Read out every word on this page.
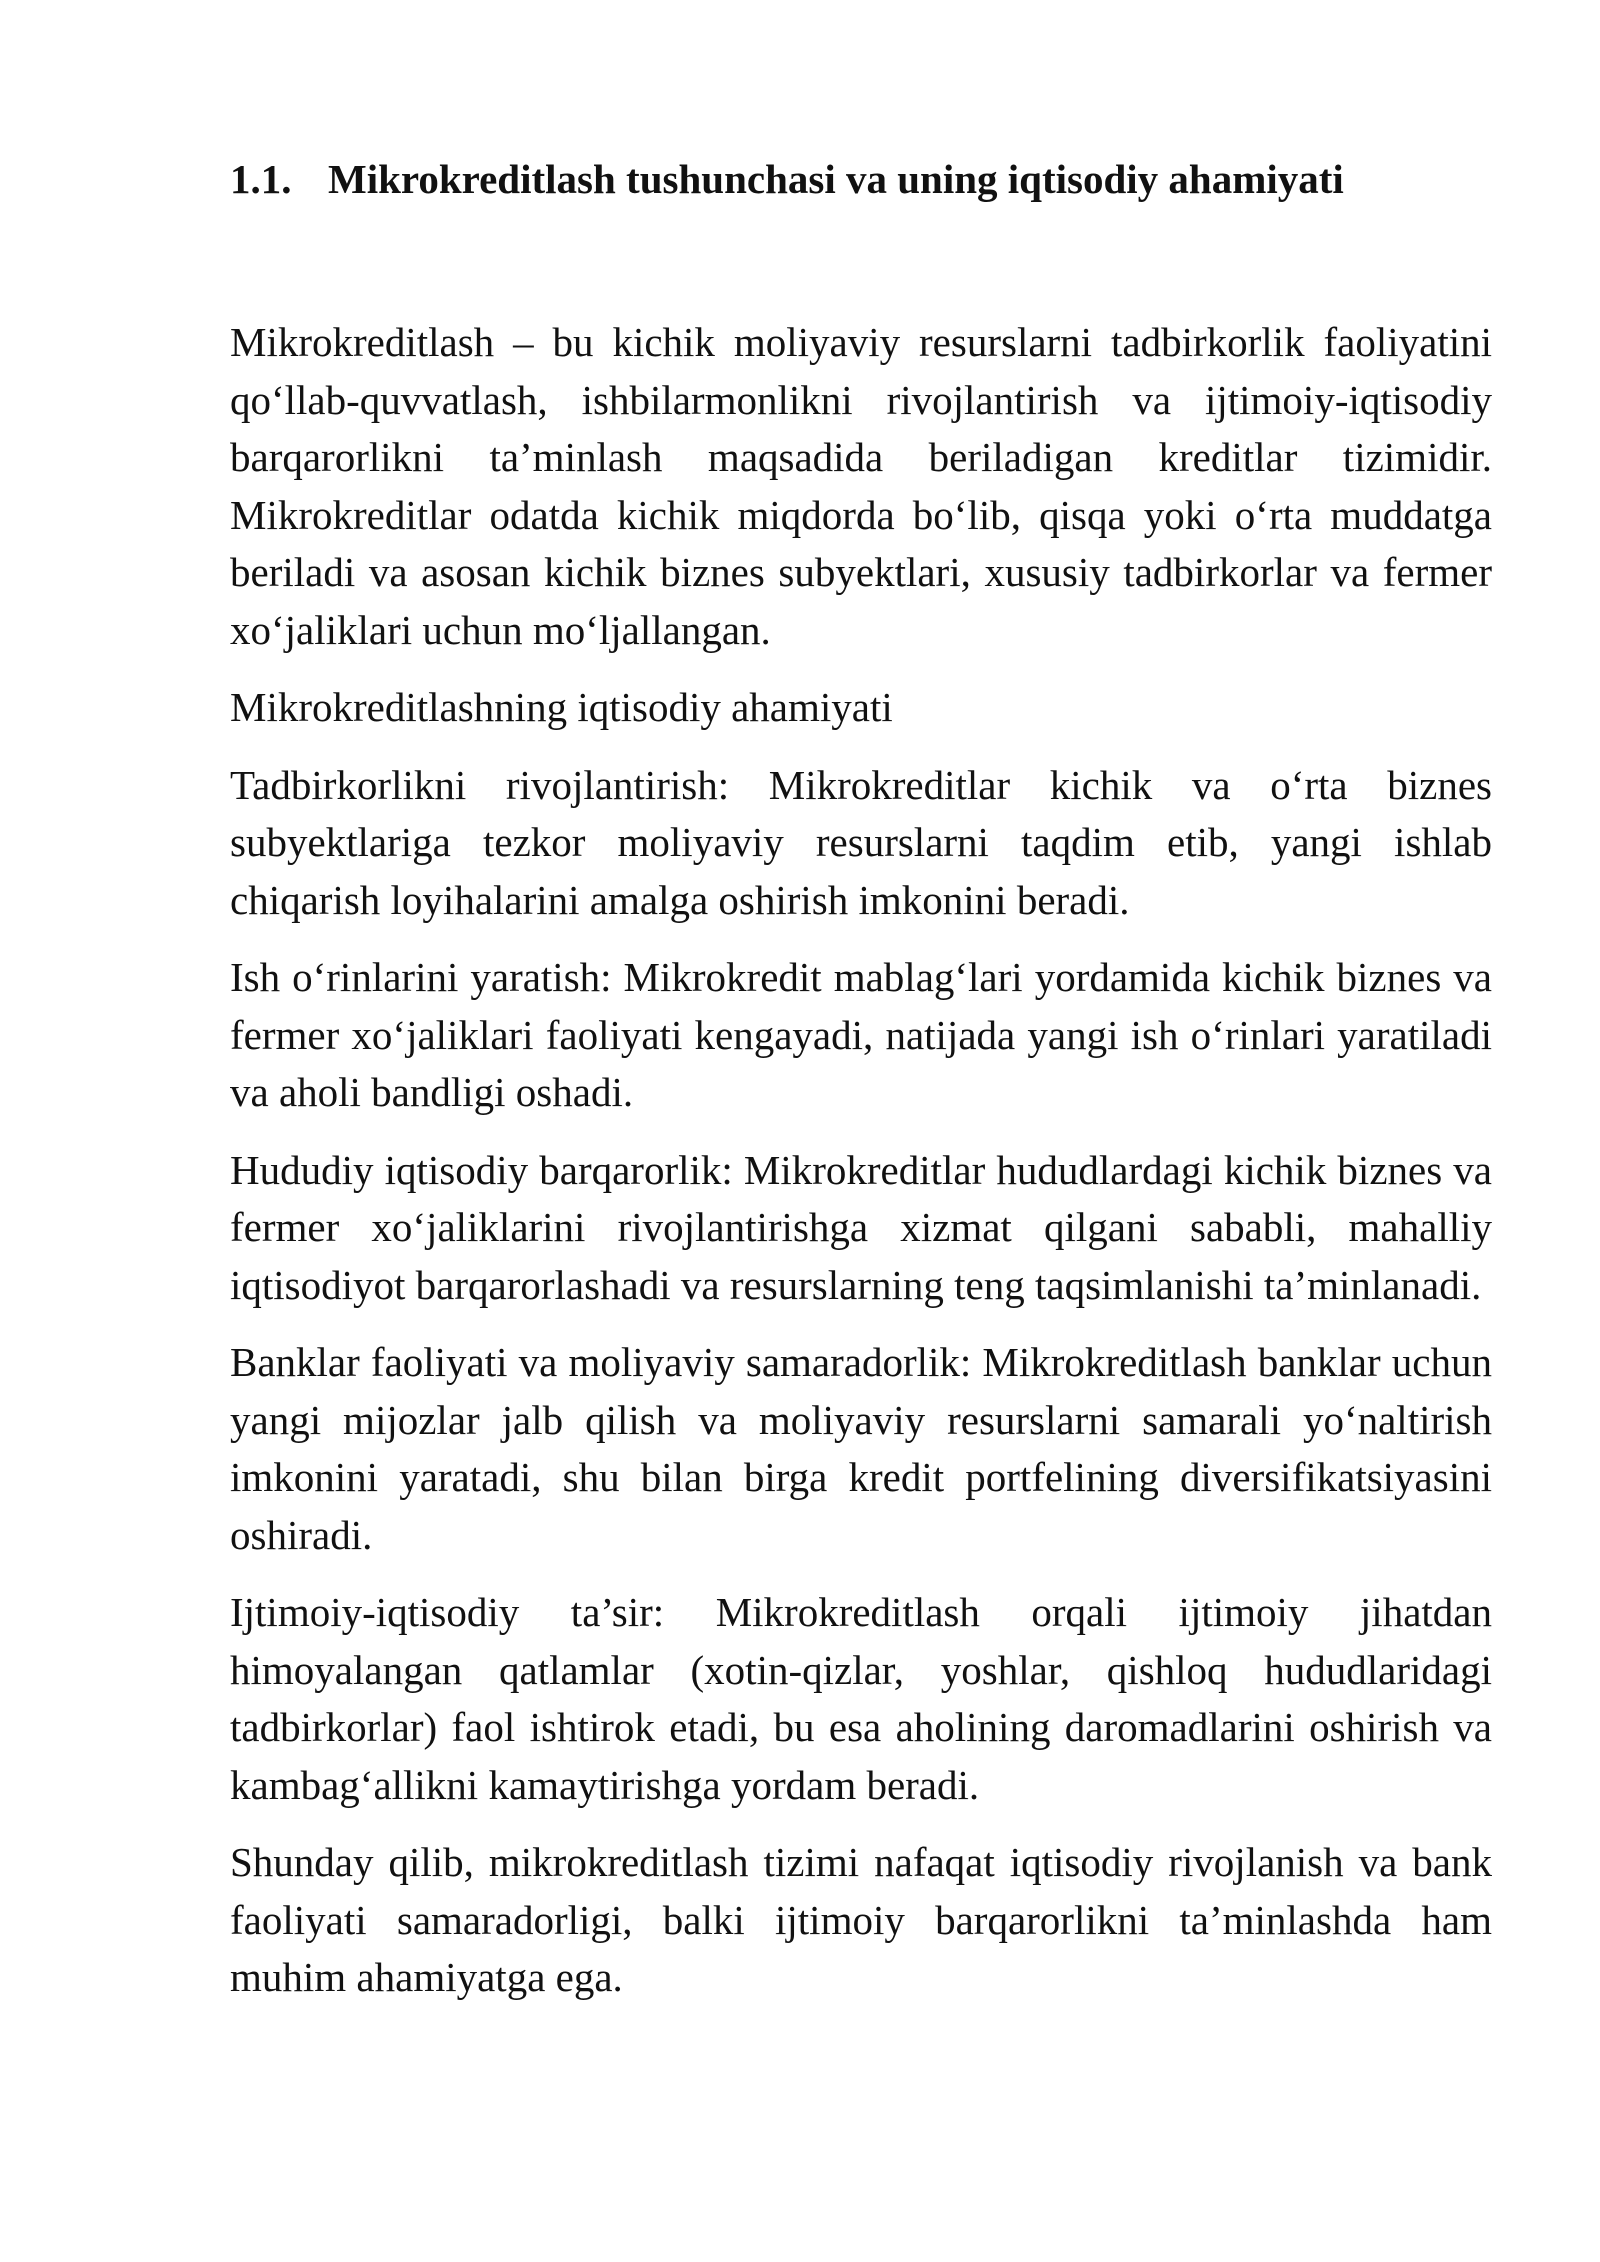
1.1. Mikrokreditlash tushunchasi va uning iqtisodiy ahamiyati

Mikrokreditlash – bu kichik moliyaviy resurslarni tadbirkorlik faoliyatini qo‘llab-quvvatlash, ishbilarmonlikni rivojlantirish va ijtimoiy-iqtisodiy barqarorlikni ta’minlash maqsadida beriladigan kreditlar tizimidir. Mikrokreditlar odatda kichik miqdorda bo‘lib, qisqa yoki o‘rta muddatga beriladi va asosan kichik biznes subyektlari, xususiy tadbirkorlar va fermer xo‘jaliklari uchun mo‘ljallangan.

Mikrokreditlashning iqtisodiy ahamiyati

Tadbirkorlikni rivojlantirish: Mikrokreditlar kichik va o‘rta biznes subyektlariga tezkor moliyaviy resurslarni taqdim etib, yangi ishlab chiqarish loyihalarini amalga oshirish imkonini beradi.

Ish o‘rinlarini yaratish: Mikrokredit mablag‘lari yordamida kichik biznes va fermer xo‘jaliklari faoliyati kengayadi, natijada yangi ish o‘rinlari yaratiladi va aholi bandligi oshadi.

Hududiy iqtisodiy barqarorlik: Mikrokreditlar hududlardagi kichik biznes va fermer xo‘jaliklarini rivojlantirishga xizmat qilgani sababli, mahalliy iqtisodiyot barqarorlashadi va resurslarning teng taqsimlanishi ta’minlanadi.

Banklar faoliyati va moliyaviy samaradorlik: Mikrokreditlash banklar uchun yangi mijozlar jalb qilish va moliyaviy resurslarni samarali yo‘naltirish imkonini yaratadi, shu bilan birga kredit portfelining diversifikatsiyasini oshiradi.

Ijtimoiy-iqtisodiy ta’sir: Mikrokreditlash orqali ijtimoiy jihatdan himoyalangan qatlamlar (xotin-qizlar, yoshlar, qishloq hududlaridagi tadbirkorlar) faol ishtirok etadi, bu esa aholining daromadlarini oshirish va kambag‘allikni kamaytirishga yordam beradi.

Shunday qilib, mikrokreditlash tizimi nafaqat iqtisodiy rivojlanish va bank faoliyati samaradorligi, balki ijtimoiy barqarorlikni ta’minlashda ham muhim ahamiyatga ega.
